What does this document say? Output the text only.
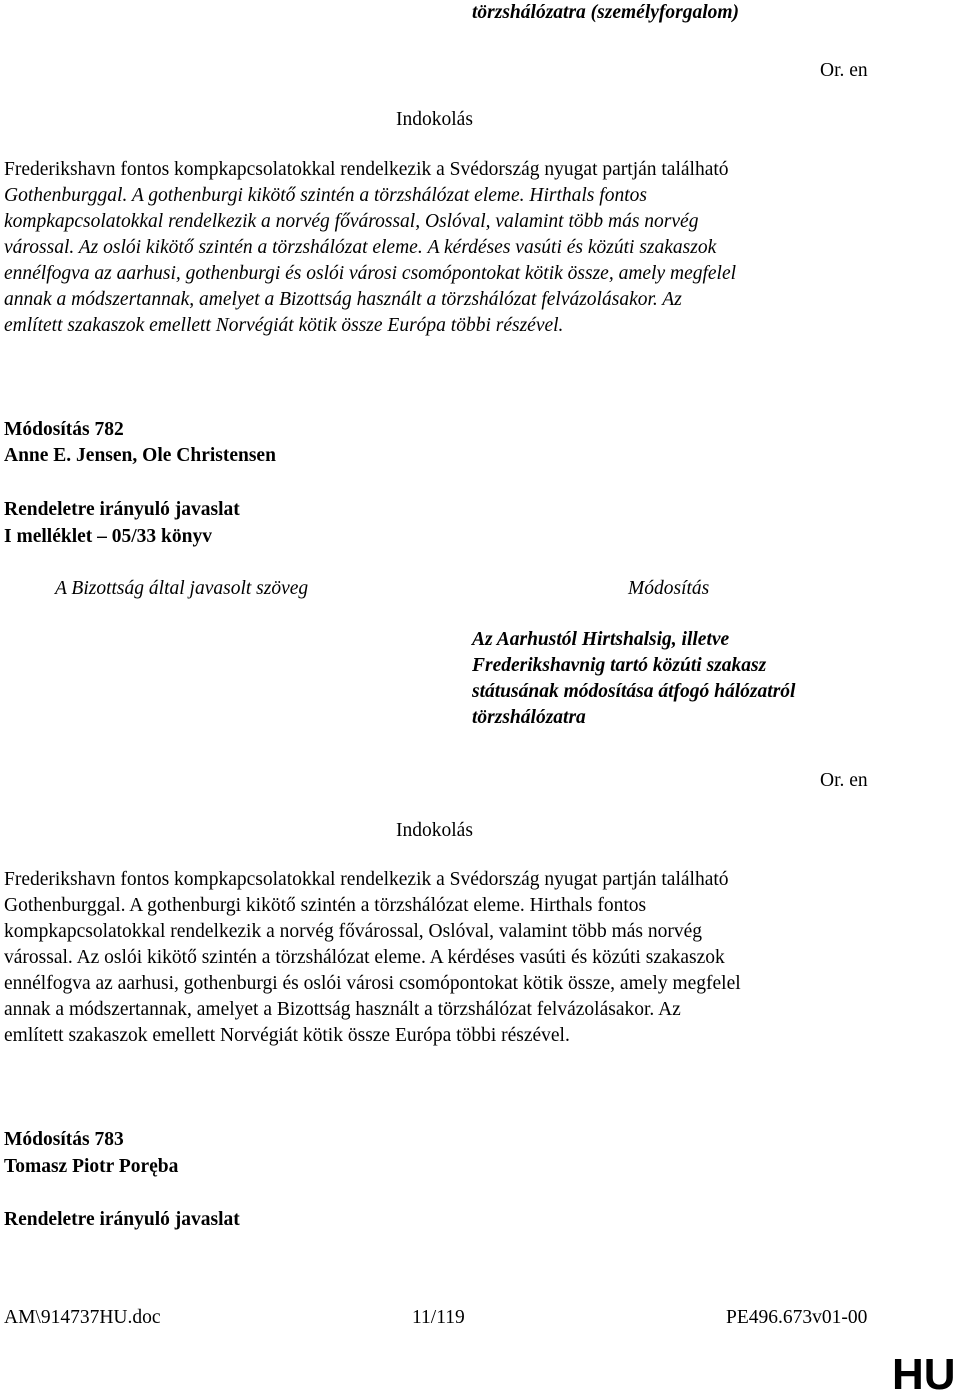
törzshálózatra (személyforgalom)
Or. en
Indokolás
Frederikshavn fontos kompkapcsolatokkal rendelkezik a Svédország nyugat partján található
Gothenburggal. A gothenburgi kikötő szintén a törzshálózat eleme. Hirthals fontos
kompkapcsolatokkal rendelkezik a norvég fővárossal, Oslóval, valamint több más norvég
várossal. Az oslói kikötő szintén a törzshálózat eleme. A kérdéses vasúti és közúti szakaszok
ennélfogva az aarhusi, gothenburgi és oslói városi csomópontokat kötik össze, amely megfelel
annak a módszertannak, amelyet a Bizottság használt a törzshálózat felvázolásakor. Az
említett szakaszok emellett Norvégiát kötik össze Európa többi részével.
Módosítás 782
Anne E. Jensen, Ole Christensen
Rendeletre irányuló javaslat
I melléklet – 05/33 könyv
A Bizottság által javasolt szöveg	Módosítás
Az Aarhustól Hirtshalsig, illetve
Frederikshavnig tartó közúti szakasz
státusának módosítása átfogó hálózatról
törzshálózatra
Or. en
Indokolás
Frederikshavn fontos kompkapcsolatokkal rendelkezik a Svédország nyugat partján található
Gothenburggal. A gothenburgi kikötő szintén a törzshálózat eleme. Hirthals fontos
kompkapcsolatokkal rendelkezik a norvég fővárossal, Oslóval, valamint több más norvég
várossal. Az oslói kikötő szintén a törzshálózat eleme. A kérdéses vasúti és közúti szakaszok
ennélfogva az aarhusi, gothenburgi és oslói városi csomópontokat kötik össze, amely megfelel
annak a módszertannak, amelyet a Bizottság használt a törzshálózat felvázolásakor. Az
említett szakaszok emellett Norvégiát kötik össze Európa többi részével.
Módosítás 783
Tomasz Piotr Poręba
Rendeletre irányuló javaslat
AM\914737HU.doc	11/119	PE496.673v01-00
HU
